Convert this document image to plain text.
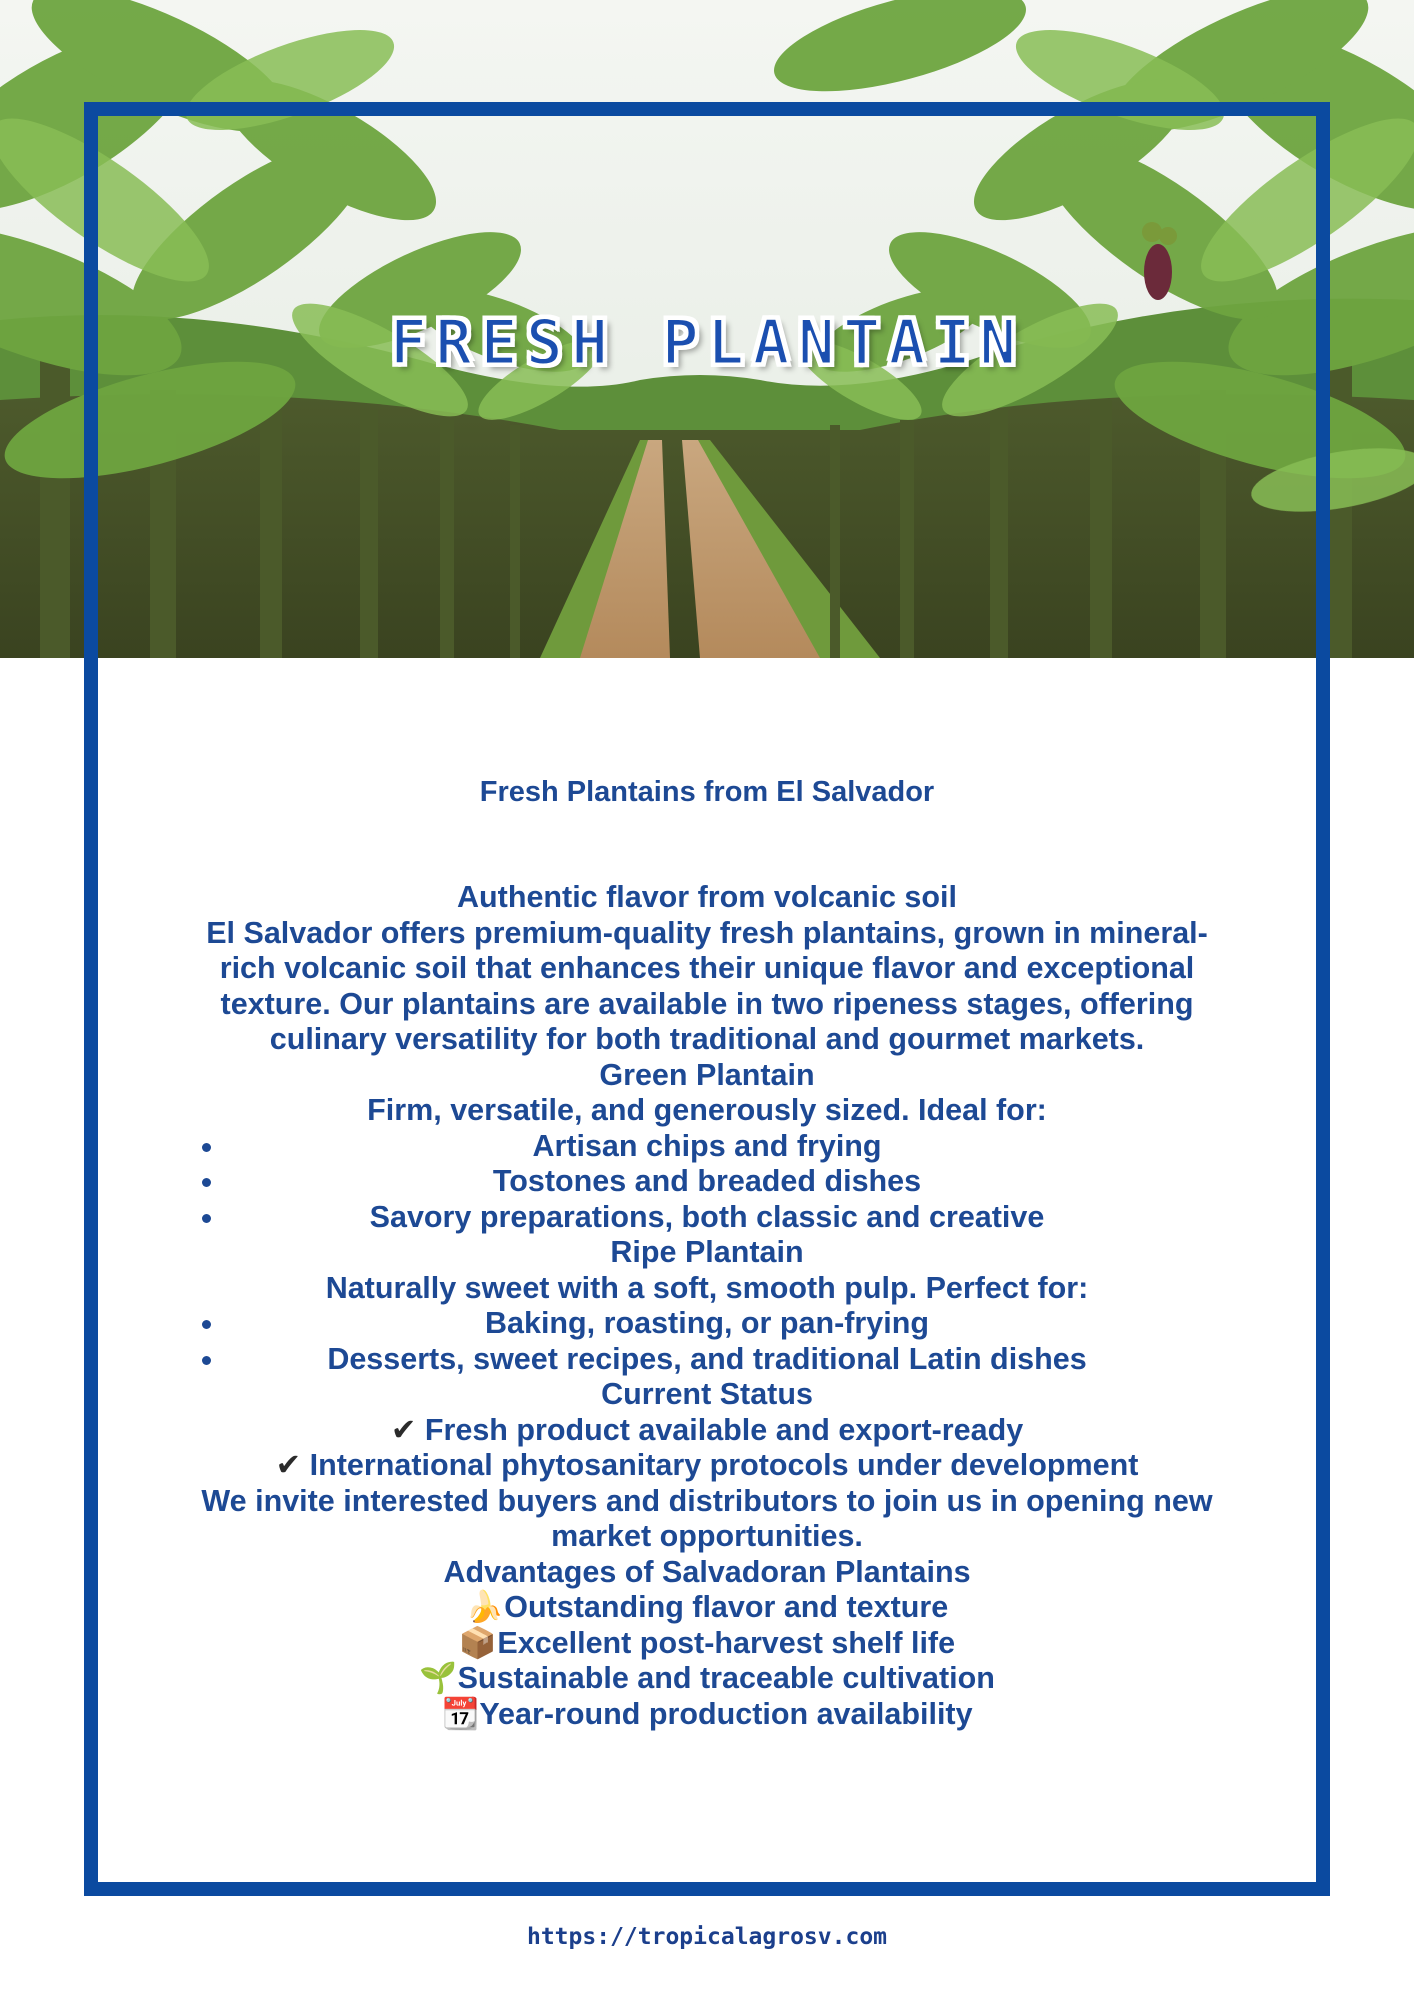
FRESH PLANTAIN
Fresh Plantains from El Salvador

Authentic flavor from volcanic soil

El Salvador offers premium-quality fresh plantains, grown in mineral-rich volcanic soil that enhances their unique flavor and exceptional texture. Our plantains are available in two ripeness stages, offering culinary versatility for both traditional and gourmet markets.

Green Plantain

Firm, versatile, and generously sized. Ideal for:

Artisan chips and frying
Tostones and breaded dishes
Savory preparations, both classic and creative

Ripe Plantain

Naturally sweet with a soft, smooth pulp. Perfect for:

Baking, roasting, or pan-frying
Desserts, sweet recipes, and traditional Latin dishes

Current Status

✔ Fresh product available and export-ready

✔ International phytosanitary protocols under development

We invite interested buyers and distributors to join us in opening new market opportunities.

Advantages of Salvadoran Plantains

🍌 Outstanding flavor and texture

📦 Excellent post-harvest shelf life

🌱 Sustainable and traceable cultivation

📆 Year-round production availability

https://tropicalagrosv.com
